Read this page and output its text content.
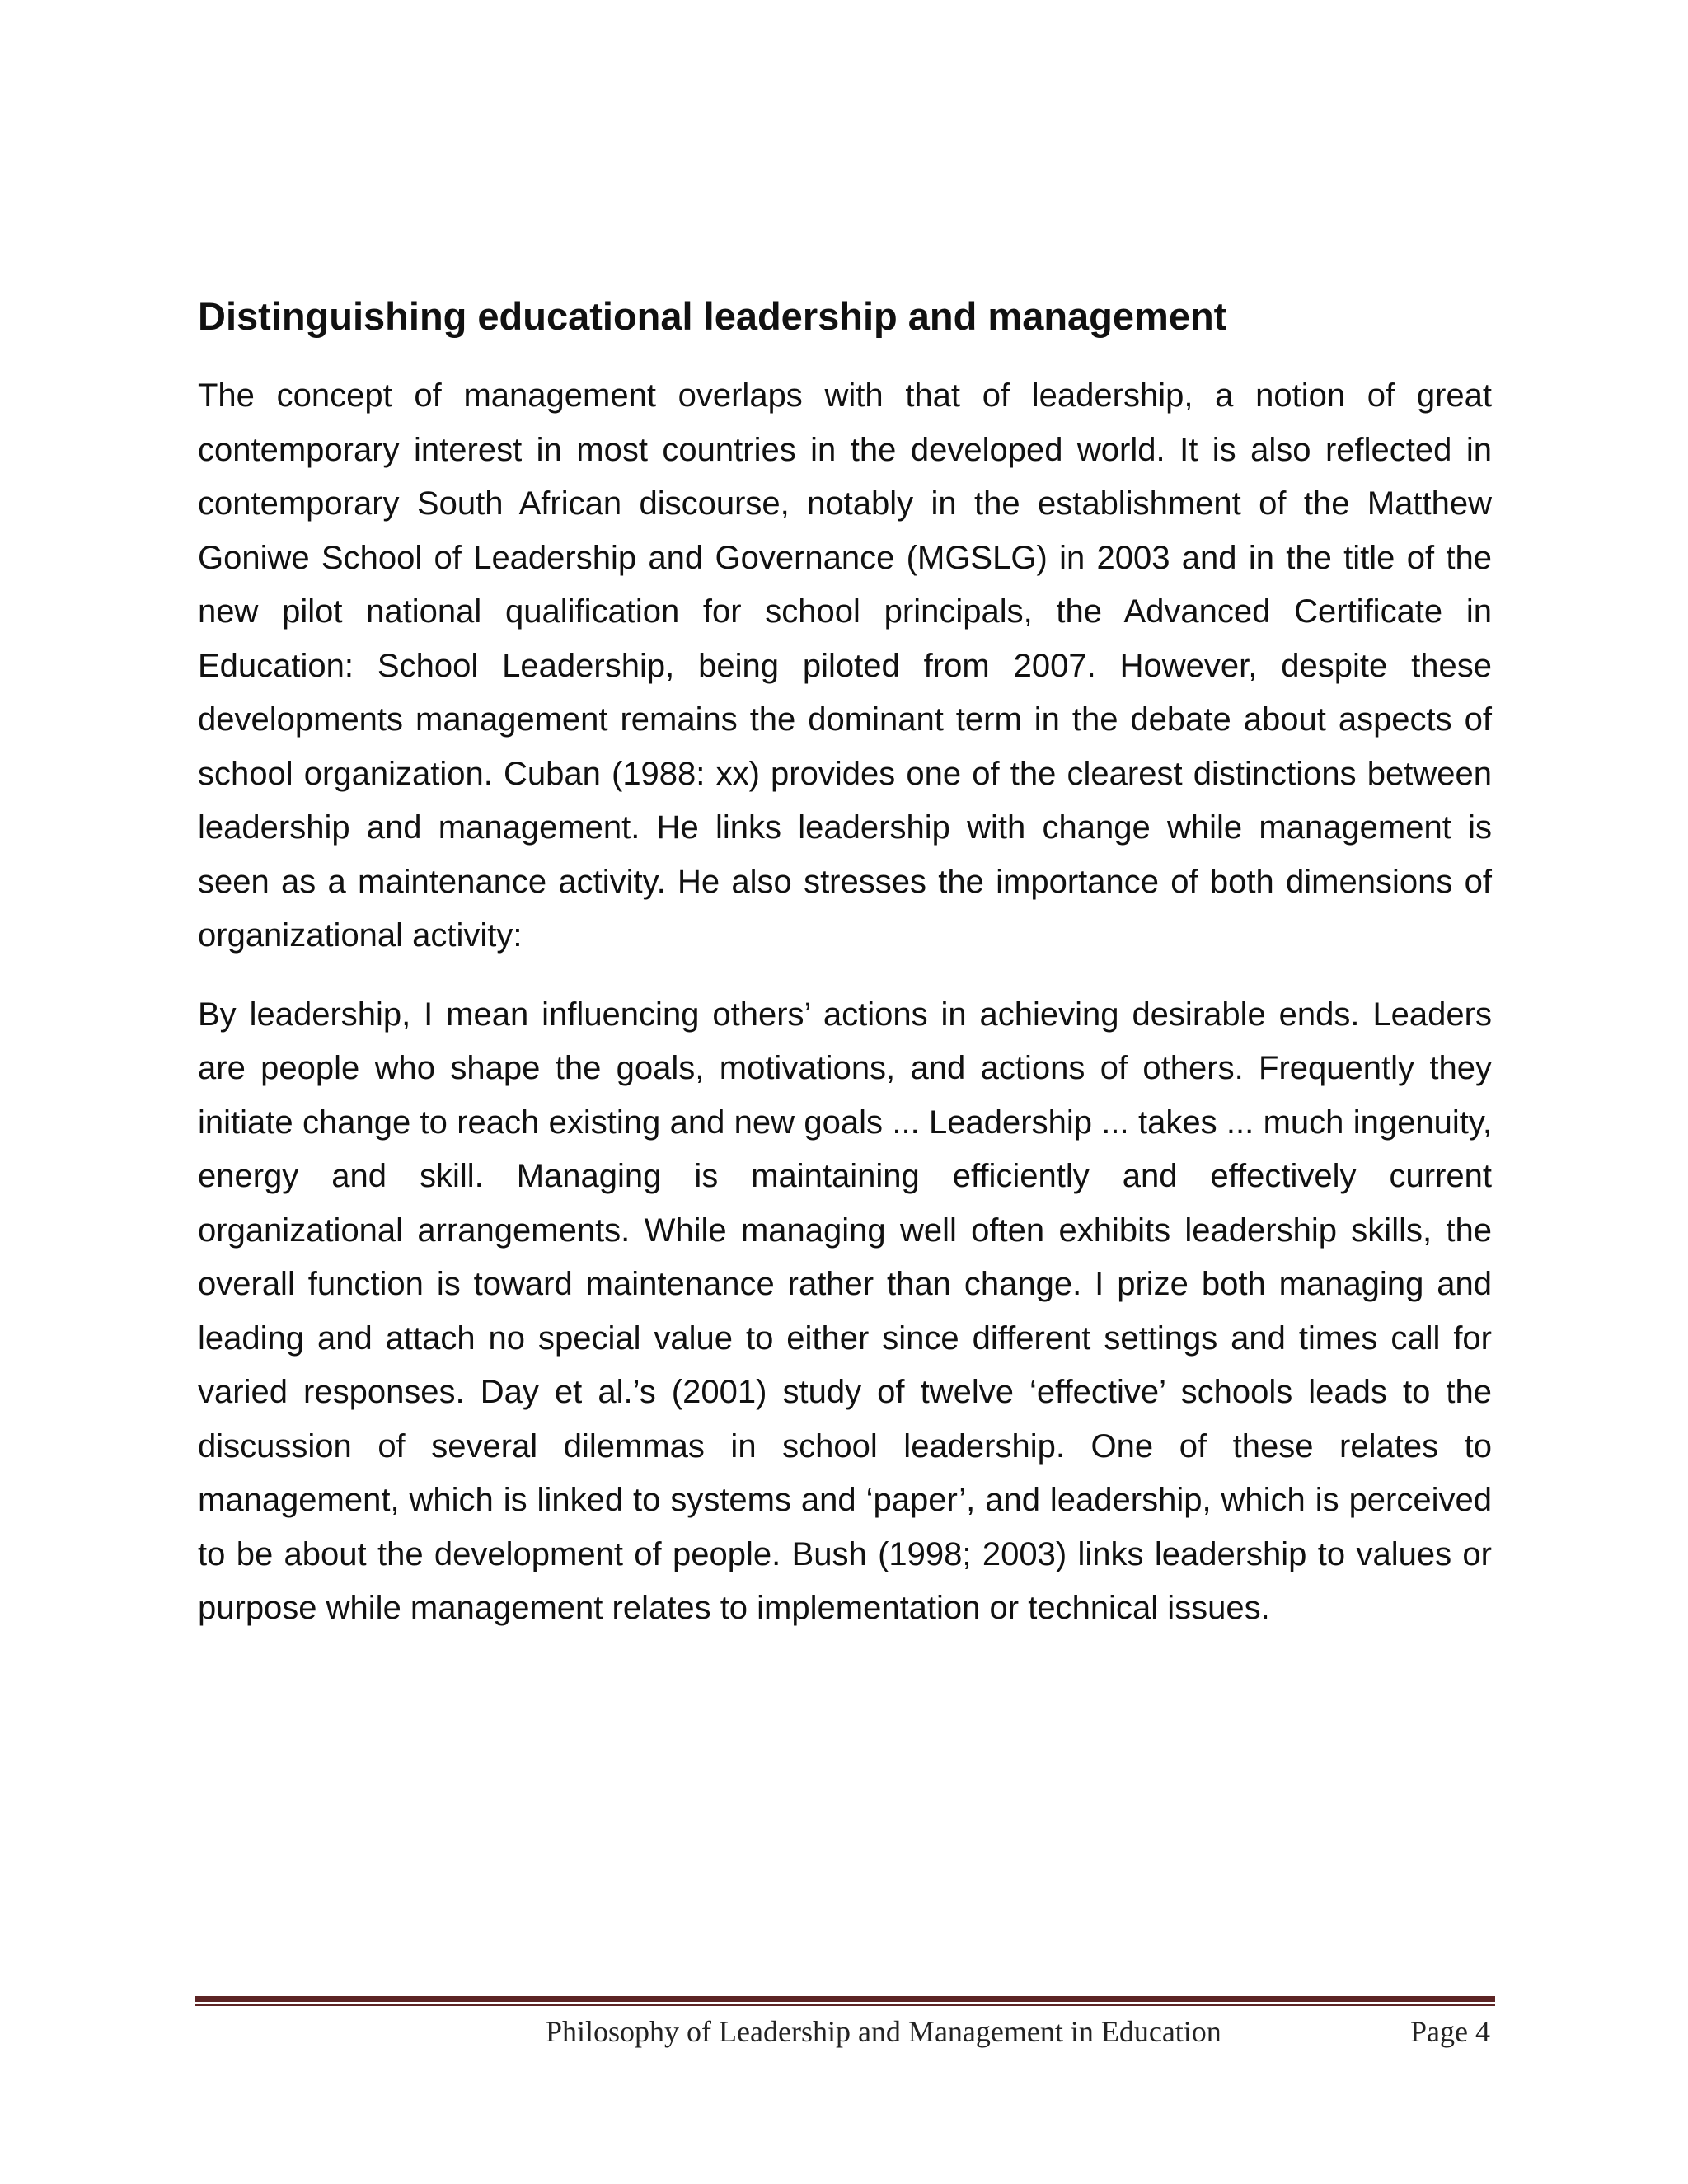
Distinguishing educational leadership and management

The concept of management overlaps with that of leadership, a notion of great contemporary interest in most countries in the developed world. It is also reflected in contemporary South African discourse, notably in the establishment of the Matthew Goniwe School of Leadership and Governance (MGSLG) in 2003 and in the title of the new pilot national qualification for school principals, the Advanced Certificate in Education: School Leadership, being piloted from 2007. However, despite these developments management remains the dominant term in the debate about aspects of school organization. Cuban (1988: xx) provides one of the clearest distinctions between leadership and management. He links leadership with change while management is seen as a maintenance activity. He also stresses the importance of both dimensions of organizational activity:

By leadership, I mean influencing others’ actions in achieving desirable ends. Leaders are people who shape the goals, motivations, and actions of others. Frequently they initiate change to reach existing and new goals ... Leadership ... takes ... much ingenuity, energy and skill. Managing is maintaining efficiently and effectively current organizational arrangements. While managing well often exhibits leadership skills, the overall function is toward maintenance rather than change. I prize both managing and leading and attach no special value to either since different settings and times call for varied responses. Day et al.’s (2001) study of twelve ‘effective’ schools leads to the discussion of several dilemmas in school leadership. One of these relates to management, which is linked to systems and ‘paper’, and leadership, which is perceived to be about the development of people. Bush (1998; 2003) links leadership to values or purpose while management relates to implementation or technical issues.

Philosophy of Leadership and Management in Education	Page 4
